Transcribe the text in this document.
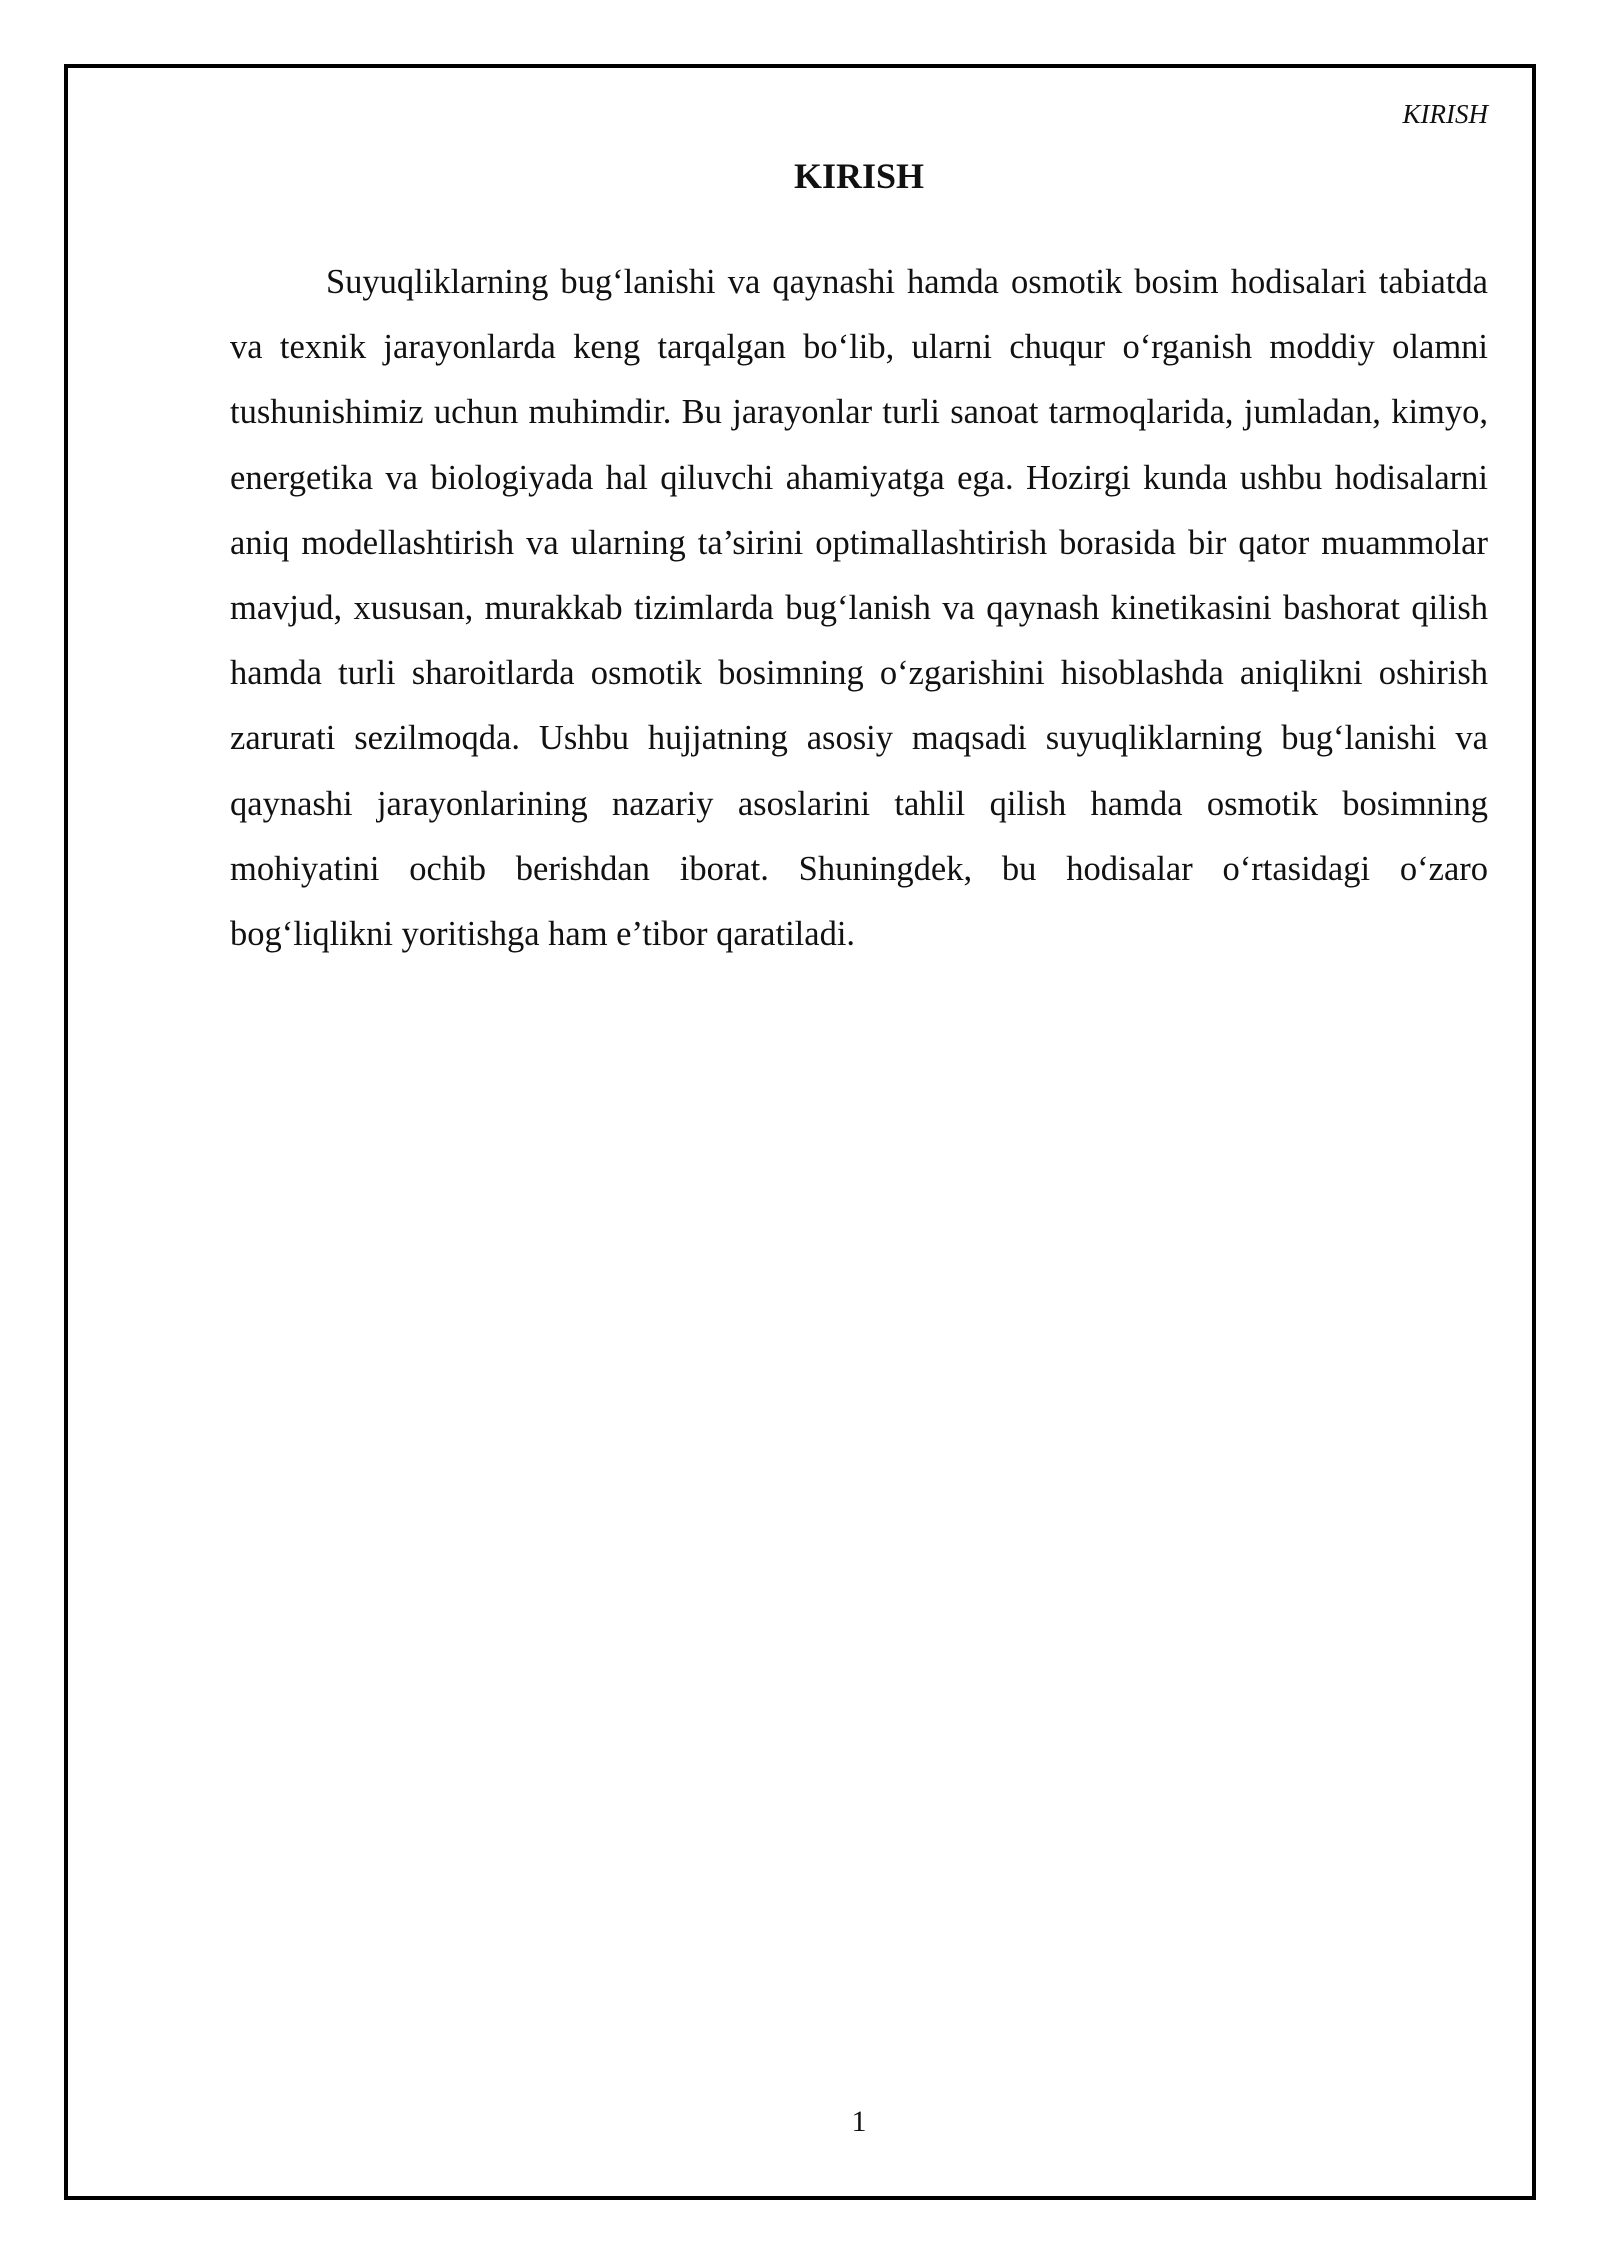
KIRISH
KIRISH

Suyuqliklarning bug‘lanishi va qaynashi hamda osmotik bosim hodisalari tabiatda va texnik jarayonlarda keng tarqalgan bo‘lib, ularni chuqur o‘rganish moddiy olamni tushunishimiz uchun muhimdir. Bu jarayonlar turli sanoat tarmoqlarida, jumladan, kimyo, energetika va biologiyada hal qiluvchi ahamiyatga ega. Hozirgi kunda ushbu hodisalarni aniq modellashtirish va ularning ta’sirini optimallashtirish borasida bir qator muammolar mavjud, xususan, murakkab tizimlarda bug‘lanish va qaynash kinetikasini bashorat qilish hamda turli sharoitlarda osmotik bosimning o‘zgarishini hisoblashda aniqlikni oshirish zarurati sezilmoqda. Ushbu hujjatning asosiy maqsadi suyuqliklarning bug‘lanishi va qaynashi jarayonlarining nazariy asoslarini tahlil qilish hamda osmotik bosimning mohiyatini ochib berishdan iborat. Shuningdek, bu hodisalar o‘rtasidagi o‘zaro bog‘liqlikni yoritishga ham e’tibor qaratiladi.

1
